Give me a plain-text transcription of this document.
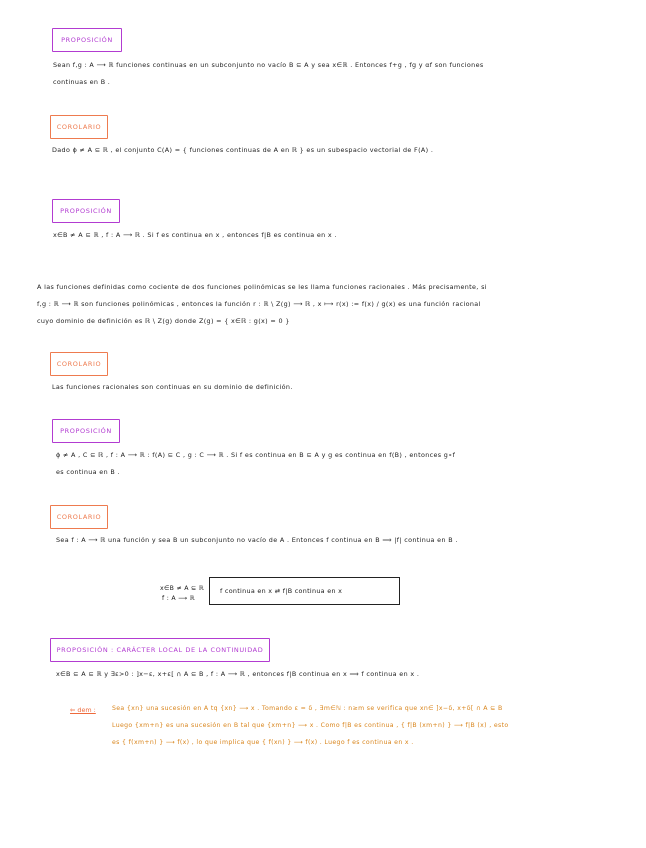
PROPOSICIÓN
Sean f,g : A ⟶ ℝ funciones continuas en un subconjunto no vacío B ⊆ A y sea x∈ℝ . Entonces f+g , fg y αf son funciones
continuas en B .
COROLARIO
Dado ϕ ≠ A ⊆ ℝ , el conjunto C(A) = { funciones continuas de A en ℝ } es un subespacio vectorial de F(A) .
PROPOSICIÓN
x∈B ≠ A ⊆ ℝ , f : A ⟶ ℝ . Si f es continua en x , entonces f|B es continua en x .
A las funciones definidas como cociente de dos funciones polinómicas se les llama funciones racionales . Más precisamente, si
f,g : ℝ ⟶ ℝ son funciones polinómicas , entonces la función r : ℝ \ Z(g) ⟶ ℝ , x ⟼ r(x) := f(x) / g(x) es una función racional
cuyo dominio de definición es ℝ \ Z(g) donde Z(g) = { x∈ℝ : g(x) = 0 }
COROLARIO
Las funciones racionales son continuas en su dominio de definición.
PROPOSICIÓN
ϕ ≠ A , C ⊆ ℝ , f : A ⟶ ℝ : f(A) ⊆ C , g : C ⟶ ℝ . Si f es continua en B ⊆ A y g es continua en f(B) , entonces g∘f
es continua en B .
COROLARIO
Sea f : A ⟶ ℝ una función y sea B un subconjunto no vacío de A . Entonces f continua en B ⟹ |f| continua en B .
x∈B ≠ A ⊆ ℝ
f : A ⟶ ℝ
f continua en x ⇄ f|B continua en x
PROPOSICIÓN : CARÁCTER LOCAL DE LA CONTINUIDAD
x∈B ⊆ A ⊆ ℝ y ∃ε>0 : ]x−ε, x+ε[ ∩ A ⊆ B , f : A ⟶ ℝ , entonces f|B continua en x ⟹ f continua en x .
⇐ dem :	Sea {xn} una sucesión en A tq {xn} ⟶ x . Tomando ε = δ , ∃m∈ℕ : n≥m se verifica que xn∈ ]x−δ, x+δ[ ∩ A ⊆ B
Luego {xm+n} es una sucesión en B tal que {xm+n} ⟶ x . Como f|B es continua , { f|B (xm+n) } ⟶ f|B (x) , esto
es { f(xm+n) } ⟶ f(x) , lo que implica que { f(xn) } ⟶ f(x) . Luego f es continua en x .
